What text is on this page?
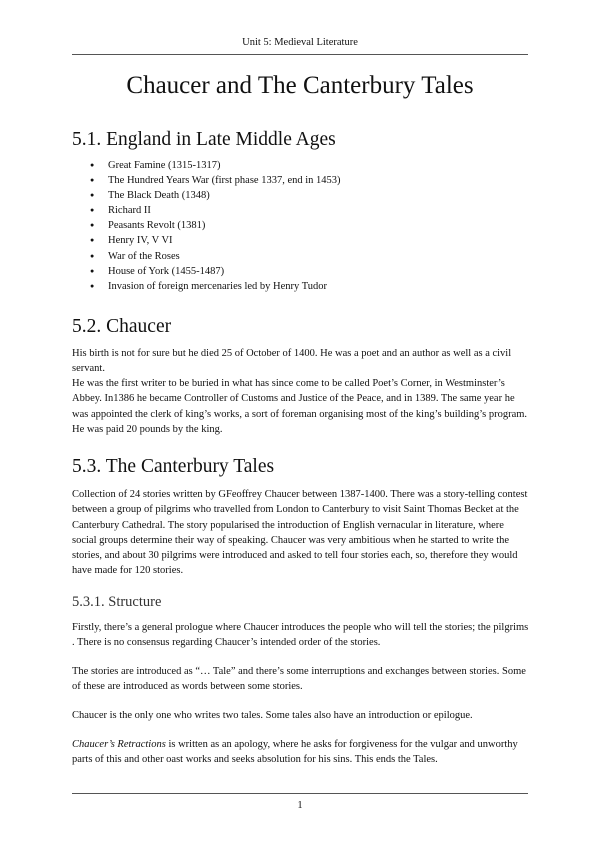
Unit 5: Medieval Literature
Chaucer and The Canterbury Tales
5.1. England in Late Middle Ages
● Great Famine (1315-1317)
● The Hundred Years War (first phase 1337, end in 1453)
● The Black Death (1348)
● Richard II
● Peasants Revolt (1381)
● Henry IV, V VI
● War of the Roses
● House of York (1455-1487)
● Invasion of foreign mercenaries led by Henry Tudor
5.2. Chaucer

His birth is not for sure but he died 25 of October of 1400. He was a poet and an author as well as a civil servant.

He was the first writer to be buried in what has since come to be called Poet’s Corner, in Westminster’s Abbey. In1386 he became Controller of Customs and Justice of the Peace, and in 1389. The same year he was appointed the clerk of king’s works, a sort of foreman organising most of the king’s building’s program. He was paid 20 pounds by the king.

5.3. The Canterbury Tales

Collection of 24 stories written by GFeoffrey Chaucer between 1387-1400. There was a story-telling contest between a group of pilgrims who travelled from London to Canterbury to visit Saint Thomas Becket at the Canterbury Cathedral. The story popularised the introduction of English vernacular in literature, where social groups determine their way of speaking. Chaucer was very ambitious when he started to write the stories, and about 30 pilgrims were introduced and asked to tell four stories each, so, therefore they would have made for 120 stories.

5.3.1. Structure

Firstly, there’s a general prologue where Chaucer introduces the people who will tell the stories; the pilgrims . There is no consensus regarding Chaucer’s intended order of the stories.

The stories are introduced as “… Tale” and there’s some interruptions and exchanges between stories. Some of these are introduced as words between some stories.

Chaucer is the only one who writes two tales. Some tales also have an introduction or epilogue.

Chaucer’s Retractions is written as an apology, where he asks for forgiveness for the vulgar and unworthy parts of this and other oast works and seeks absolution for his sins. This ends the Tales.

1
